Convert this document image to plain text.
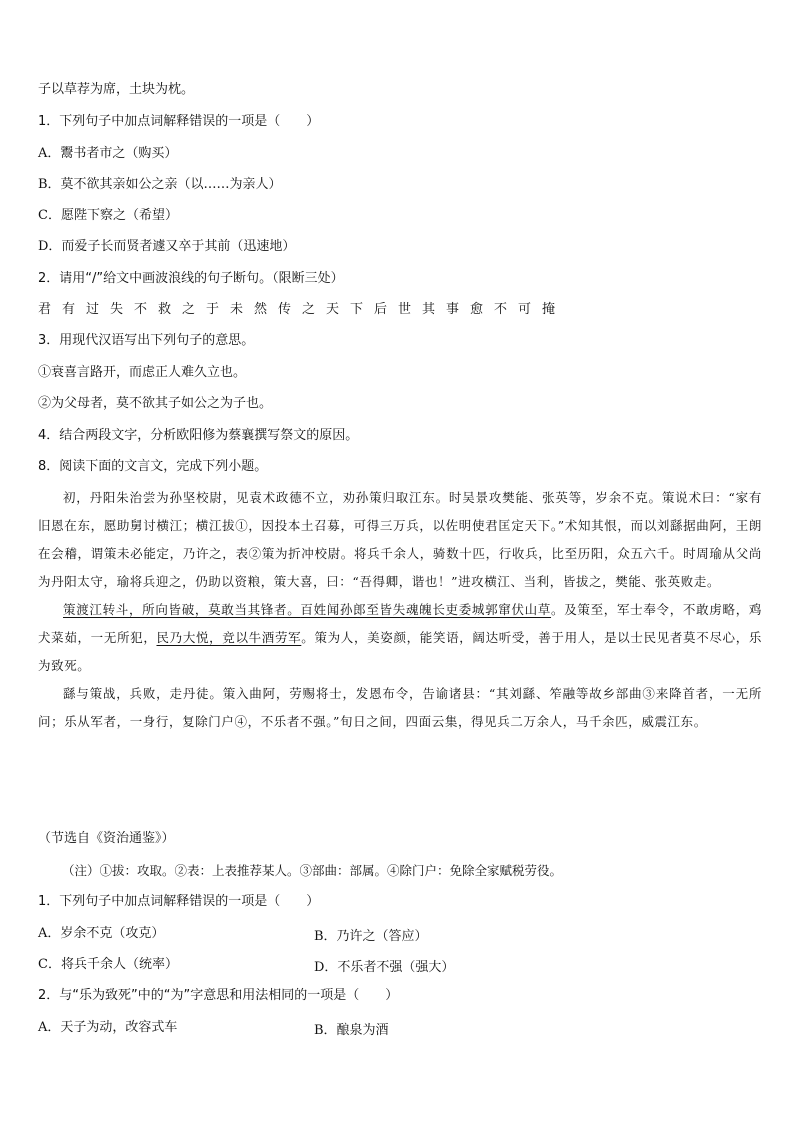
子以草荐为席，土块为枕。
1．下列句子中加点词解释错误的一项是（　　）
A．鬻书者市之（购买）
B．莫不欲其亲如公之亲（以……为亲人）
C．愿陛下察之（希望）
D．而爱子长而贤者遽又卒于其前（迅速地）
2．请用“/”给文中画波浪线的句子断句。（限断三处）
君有过失不救之于未然传之天下后世其事愈不可掩
3．用现代汉语写出下列句子的意思。
①衰喜言路开，而虑正人难久立也。
②为父母者，莫不欲其子如公之为子也。
4．结合两段文字，分析欧阳修为蔡襄撰写祭文的原因。
8．阅读下面的文言文，完成下列小题。

初，丹阳朱治尝为孙坚校尉，见袁术政德不立，劝孙策归取江东。时吴景攻樊能、张英等，岁余不克。策说术曰：“家有旧恩在东，愿助舅讨横江；横江拔①，因投本土召募，可得三万兵，以佐明使君匡定天下。”术知其恨，而以刘繇据曲阿，王朗在会稽，谓策未必能定，乃许之，表②策为折冲校尉。将兵千余人，骑数十匹，行收兵，比至历阳，众五六千。时周瑜从父尚为丹阳太守，瑜将兵迎之，仍助以资粮，策大喜，曰：“吾得卿，谐也！”进攻横江、当利，皆拔之，樊能、张英败走。

策渡江转斗，所向皆破，莫敢当其锋者。百姓闻孙郎至皆失魂魄长吏委城郭窜伏山草。及策至，军士奉令，不敢虏略，鸡犬菜茹，一无所犯，民乃大悦，竞以牛酒劳军。策为人，美姿颜，能笑语，阔达听受，善于用人，是以士民见者莫不尽心，乐为致死。

繇与策战，兵败，走丹徒。策入曲阿，劳赐将士，发恩布令，告谕诸县：“其刘繇、笮融等故乡部曲③来降首者，一无所问；乐从军者，一身行，复除门户④，不乐者不强。”旬日之间，四面云集，得见兵二万余人，马千余匹，威震江东。

（节选自《资治通鉴》）
（注）①拔：攻取。②表：上表推荐某人。③部曲：部属。④除门户：免除全家赋税劳役。
1．下列句子中加点词解释错误的一项是（　　）
A．岁余不克（攻克）	B．乃许之（答应）
C．将兵千余人（统率）	D．不乐者不强（强大）
2．与“乐为致死”中的“为”字意思和用法相同的一项是（　　）
A．天子为动，改容式车	B．酿泉为酒
